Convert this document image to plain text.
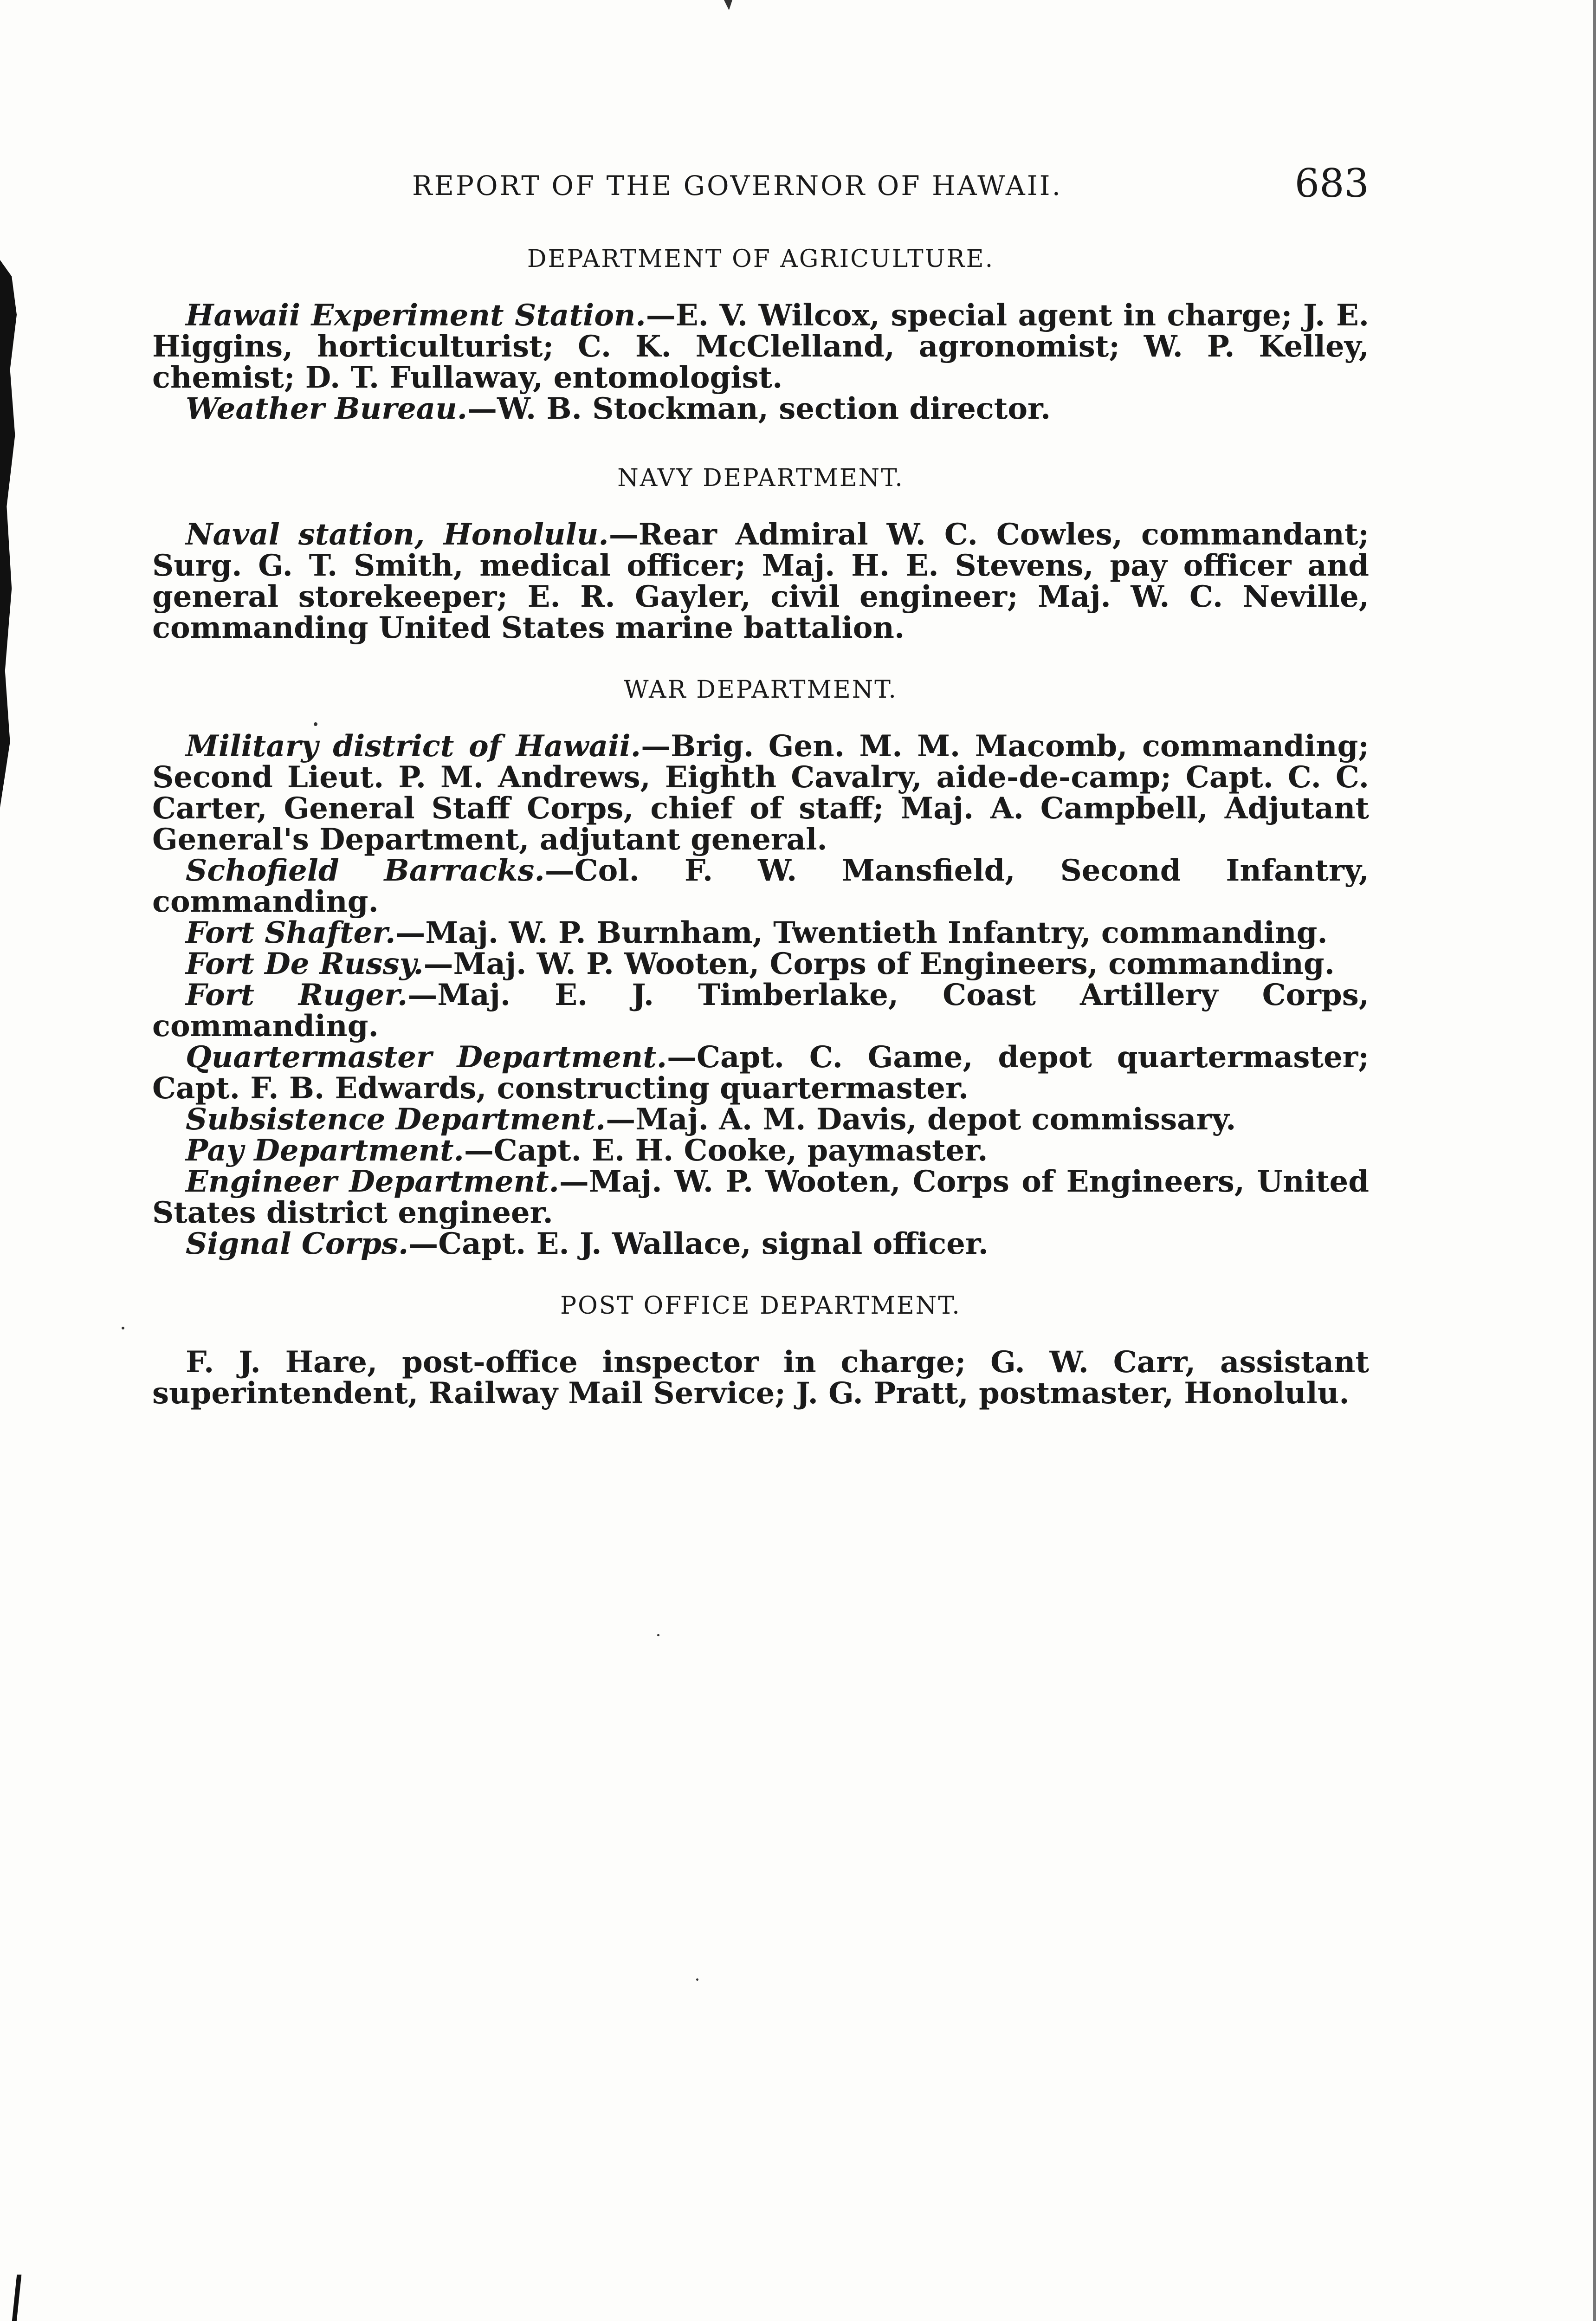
REPORT OF THE GOVERNOR OF HAWAII.	683
DEPARTMENT OF AGRICULTURE.

Hawaii Experiment Station.—E. V. Wilcox, special agent in charge; J. E. Higgins, horticulturist; C. K. McClelland, agronomist; W. P. Kelley, chemist; D. T. Fullaway, entomologist.

Weather Bureau.—W. B. Stockman, section director.

NAVY DEPARTMENT.

Naval station, Honolulu.—Rear Admiral W. C. Cowles, commandant; Surg. G. T. Smith, medical officer; Maj. H. E. Stevens, pay officer and general storekeeper; E. R. Gayler, civil engineer; Maj. W. C. Neville, commanding United States marine battalion.

WAR DEPARTMENT.

Military district of Hawaii.—Brig. Gen. M. M. Macomb, commanding; Second Lieut. P. M. Andrews, Eighth Cavalry, aide-de-camp; Capt. C. C. Carter, General Staff Corps, chief of staff; Maj. A. Campbell, Adjutant General's Department, adjutant general.

Schofield Barracks.—Col. F. W. Mansfield, Second Infantry, commanding.

Fort Shafter.—Maj. W. P. Burnham, Twentieth Infantry, commanding.

Fort De Russy.—Maj. W. P. Wooten, Corps of Engineers, commanding.

Fort Ruger.—Maj. E. J. Timberlake, Coast Artillery Corps, commanding.

Quartermaster Department.—Capt. C. Game, depot quartermaster; Capt. F. B. Edwards, constructing quartermaster.

Subsistence Department.—Maj. A. M. Davis, depot commissary.

Pay Department.—Capt. E. H. Cooke, paymaster.

Engineer Department.—Maj. W. P. Wooten, Corps of Engineers, United States district engineer.

Signal Corps.—Capt. E. J. Wallace, signal officer.

POST OFFICE DEPARTMENT.

F. J. Hare, post-office inspector in charge; G. W. Carr, assistant superintendent, Railway Mail Service; J. G. Pratt, postmaster, Honolulu.
